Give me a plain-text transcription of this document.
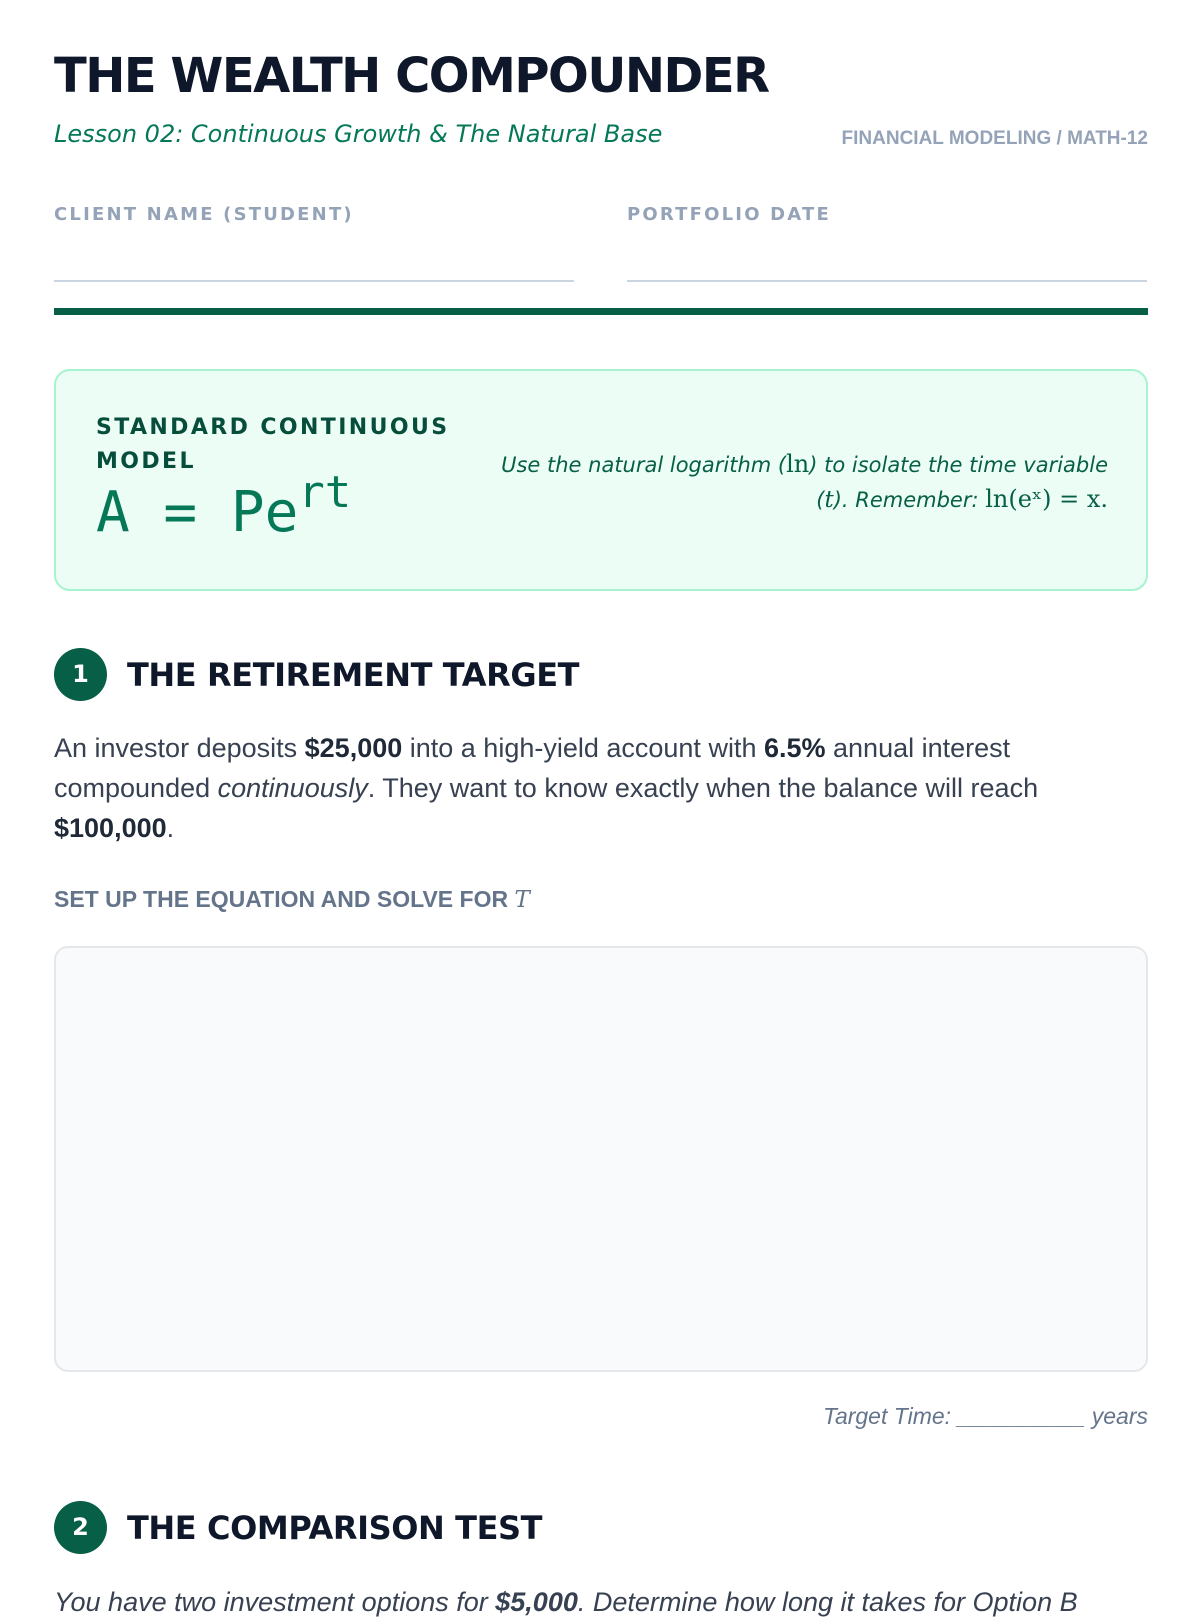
THE WEALTH COMPOUNDER
Lesson 02: Continuous Growth & The Natural Base	FINANCIAL MODELING / MATH-12
CLIENT NAME (STUDENT)	PORTFOLIO DATE
STANDARD CONTINUOUS MODEL
$A = Pe^{rt}$
Use the natural logarithm (ln) to isolate the time variable (t). Remember: ln(eˣ) = x.
1	THE RETIREMENT TARGET
An investor deposits $25,000 into a high-yield account with 6.5% annual interest compounded continuously. They want to know exactly when the balance will reach $100,000.
SET UP THE EQUATION AND SOLVE FOR T
Target Time: __________ years
2	THE COMPARISON TEST
You have two investment options for $5,000. Determine how long it takes for Option B
